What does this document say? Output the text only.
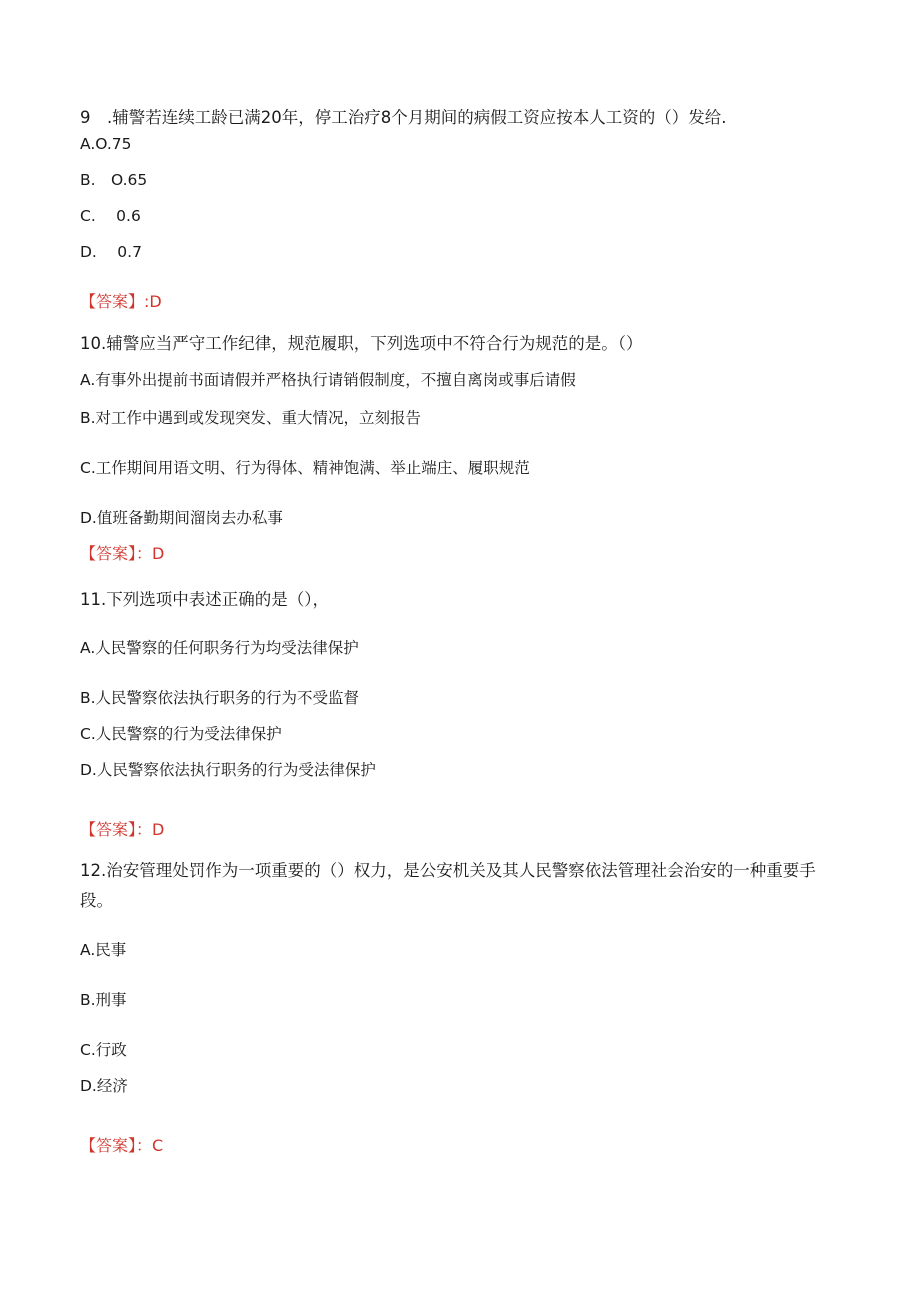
9　.辅警若连续工龄已满20年，停工治疗8个月期间的病假工资应按本人工资的（）发给.
A.O.75
B.　O.65
C.　 0.6
D.　 0.7
【答案】:D
10.辅警应当严守工作纪律，规范履职，下列选项中不符合行为规范的是。（）
A.有事外出提前书面请假并严格执行请销假制度，不擅自离岗或事后请假
B.对工作中遇到或发现突发、重大情况，立刻报告
C.工作期间用语文明、行为得体、精神饱满、举止端庄、履职规范
D.值班备勤期间溜岗去办私事
【答案】：D
11.下列选项中表述正确的是（），
A.人民警察的任何职务行为均受法律保护
B.人民警察依法执行职务的行为不受监督
C.人民警察的行为受法律保护
D.人民警察依法执行职务的行为受法律保护
【答案】：D
12.治安管理处罚作为一项重要的（）权力，是公安机关及其人民警察依法管理社会治安的一种重要手段。
A.民事
B.刑事
C.行政
D.经济
【答案】：C
